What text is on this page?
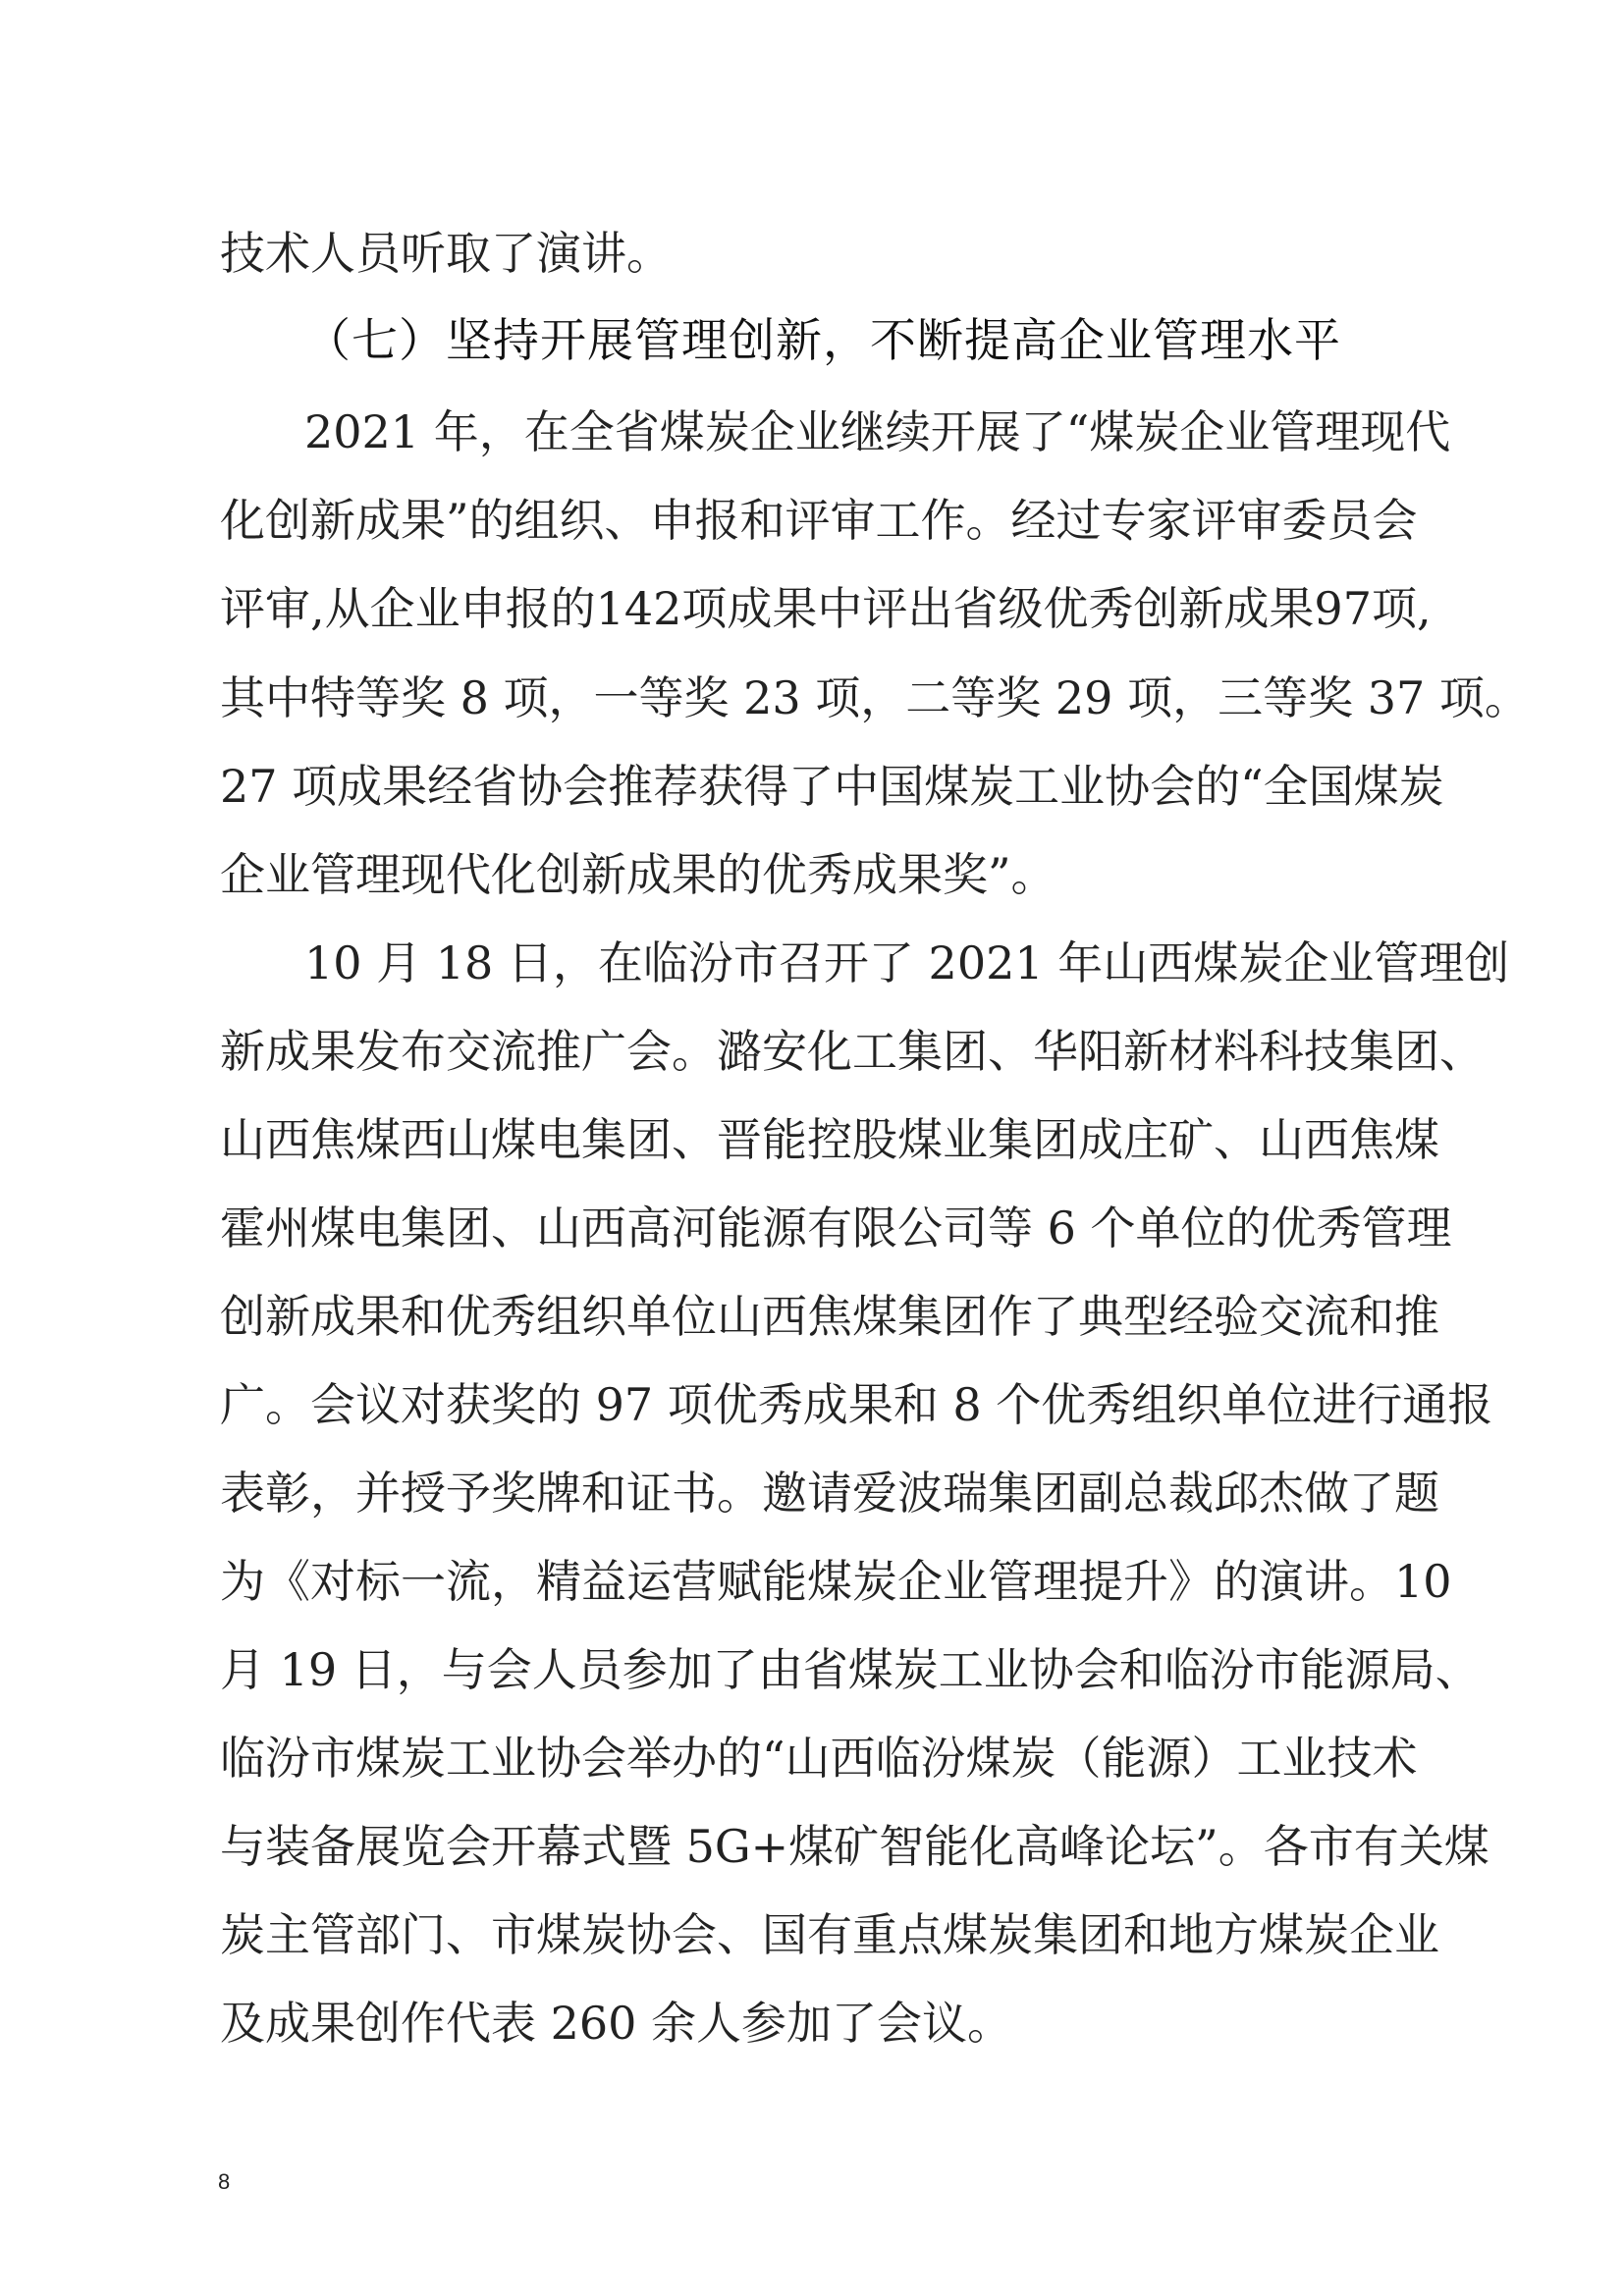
技术人员听取了演讲。
（七）坚持开展管理创新，不断提高企业管理水平
2021 年，在全省煤炭企业继续开展了“煤炭企业管理现代
化创新成果”的组织、申报和评审工作。经过专家评审委员会
评审,从企业申报的142项成果中评出省级优秀创新成果97项,
其中特等奖 8 项，一等奖 23 项，二等奖 29 项，三等奖 37 项。
27 项成果经省协会推荐获得了中国煤炭工业协会的“全国煤炭
企业管理现代化创新成果的优秀成果奖”。
10 月 18 日，在临汾市召开了 2021 年山西煤炭企业管理创
新成果发布交流推广会。潞安化工集团、华阳新材料科技集团、
山西焦煤西山煤电集团、晋能控股煤业集团成庄矿、山西焦煤
霍州煤电集团、山西高河能源有限公司等 6 个单位的优秀管理
创新成果和优秀组织单位山西焦煤集团作了典型经验交流和推
广。会议对获奖的 97 项优秀成果和 8 个优秀组织单位进行通报
表彰，并授予奖牌和证书。邀请爱波瑞集团副总裁邱杰做了题
为《对标一流，精益运营赋能煤炭企业管理提升》的演讲。10
月 19 日，与会人员参加了由省煤炭工业协会和临汾市能源局、
临汾市煤炭工业协会举办的“山西临汾煤炭（能源）工业技术
与装备展览会开幕式暨 5G+煤矿智能化高峰论坛”。各市有关煤
炭主管部门、市煤炭协会、国有重点煤炭集团和地方煤炭企业
及成果创作代表 260 余人参加了会议。
8
